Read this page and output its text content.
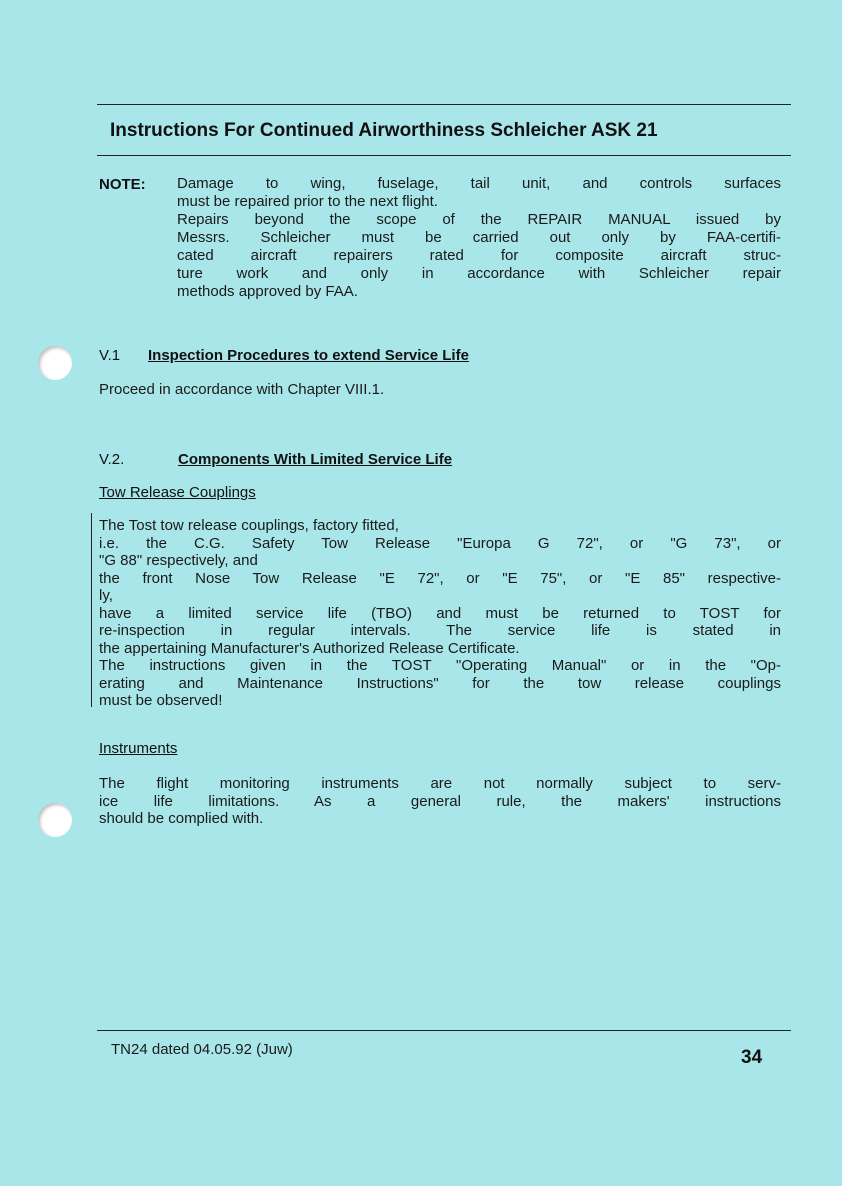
Instructions For Continued Airworthiness Schleicher ASK 21
NOTE: Damage to wing, fuselage, tail unit, and controls surfaces
must be repaired prior to the next flight.
Repairs beyond the scope of the REPAIR MANUAL issued by
Messrs. Schleicher must be carried out only by FAA-certifi-
cated aircraft repairers rated for composite aircraft struc-
ture work and only in accordance with Schleicher repair
methods approved by FAA.
V.1 Inspection Procedures to extend Service Life
Proceed in accordance with Chapter VIII.1.
V.2.	Components With Limited Service Life
Tow Release Couplings
The Tost tow release couplings, factory fitted,
i.e. the C.G. Safety Tow Release "Europa G 72", or "G 73", or
"G 88" respectively, and
the front Nose Tow Release "E 72", or "E 75", or "E 85" respective-
ly,
have a limited service life (TBO) and must be returned to TOST for
re-inspection in regular intervals. The service life is stated in
the appertaining Manufacturer's Authorized Release Certificate.
The instructions given in the TOST "Operating Manual" or in the "Op-
erating and Maintenance Instructions" for the tow release couplings
must be observed!
Instruments
The flight monitoring instruments are not normally subject to serv-
ice life limitations. As a general rule, the makers' instructions
should be complied with.
TN24 dated 04.05.92 (Juw)	34
